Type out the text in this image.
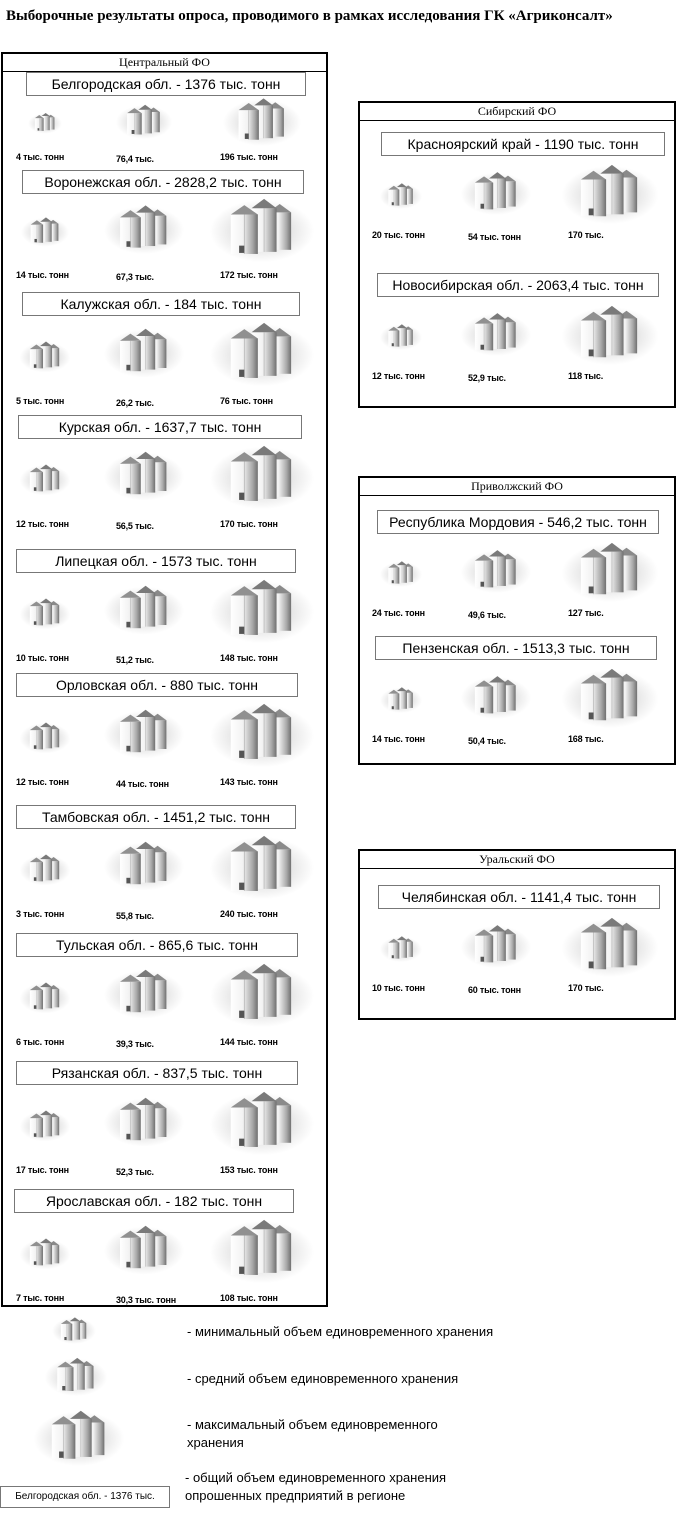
Выборочные результаты опроса, проводимого в рамках исследования ГК «Агриконсалт»
Центральный ФО
Белгородская обл. - 1376 тыс. тонн
4 тыс. тонн	76,4 тыс.	196 тыс. тонн
Воронежская обл. - 2828,2 тыс. тонн
14 тыс. тонн	67,3 тыс.	172 тыс. тонн
Калужская обл. - 184 тыс. тонн
5 тыс. тонн	26,2 тыс.	76 тыс. тонн
Курская обл. - 1637,7 тыс. тонн
12 тыс. тонн	56,5 тыс.	170 тыс. тонн
Липецкая обл. - 1573 тыс. тонн
10 тыс. тонн	51,2 тыс.	148 тыс. тонн
Орловская обл. - 880 тыс. тонн
12 тыс. тонн	44 тыс. тонн	143 тыс. тонн
Тамбовская обл. - 1451,2 тыс. тонн
3 тыс. тонн	55,8 тыс.	240 тыс. тонн
Тульская обл. - 865,6 тыс. тонн
6 тыс. тонн	39,3 тыс.	144 тыс. тонн
Рязанская обл. - 837,5 тыс. тонн
17 тыс. тонн	52,3 тыс.	153 тыс. тонн
Ярославская обл. - 182 тыс. тонн
7 тыс. тонн	30,3 тыс. тонн	108 тыс. тонн
Сибирский ФО
Красноярский край - 1190 тыс. тонн
20 тыс. тонн	54 тыс. тонн	170 тыс.
Новосибирская обл. - 2063,4 тыс. тонн
12 тыс. тонн	52,9 тыс.	118 тыс.
Приволжский ФО
Республика Мордовия - 546,2 тыс. тонн
24 тыс. тонн	49,6 тыс.	127 тыс.
Пензенская обл. - 1513,3 тыс. тонн
14 тыс. тонн	50,4 тыс.	168 тыс.
Уральский ФО
Челябинская обл. - 1141,4 тыс. тонн
10 тыс. тонн	60 тыс. тонн	170 тыс.
- минимальный объем единовременного хранения
- средний объем единовременного хранения
- максимальный объем единовременного хранения
Белгородская обл. - 1376 тыс.
- общий объем единовременного хранения опрошенных предприятий в регионе
